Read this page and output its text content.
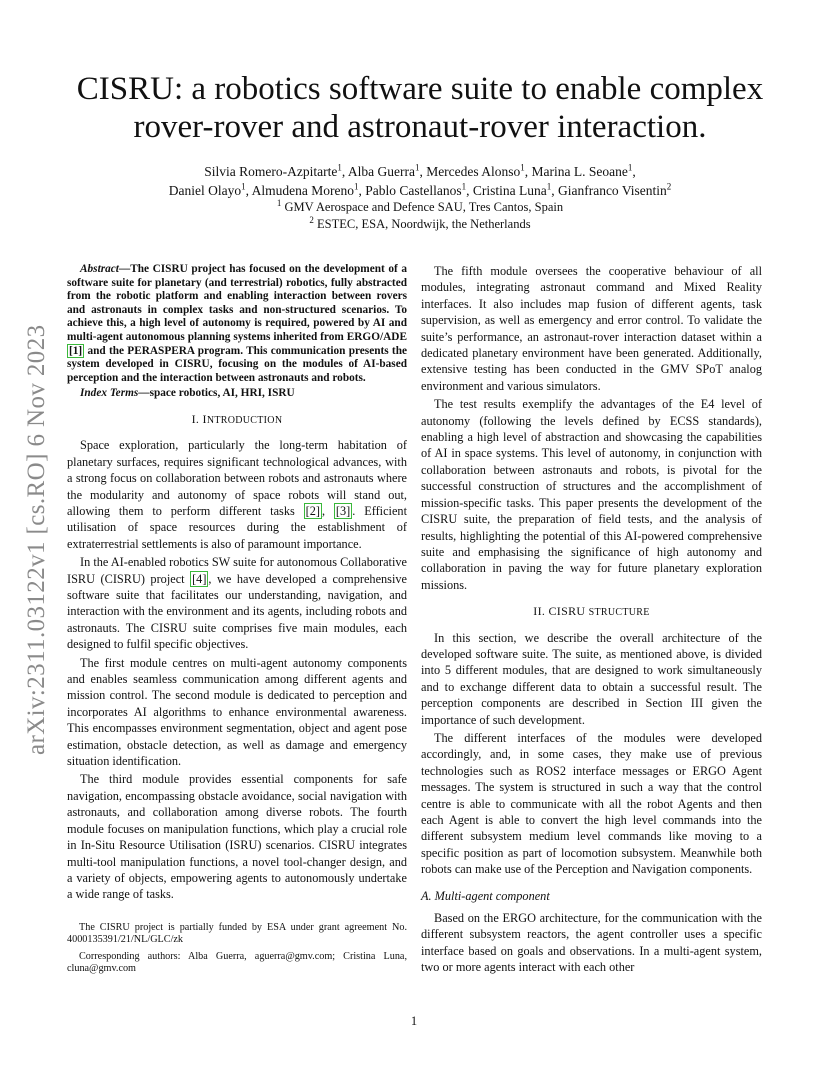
arXiv:2311.03122v1 [cs.RO] 6 Nov 2023
CISRU: a robotics software suite to enable complex rover-rover and astronaut-rover interaction.
Silvia Romero-Azpitarte$^1$, Alba Guerra$^1$, Mercedes Alonso$^1$, Marina L. Seoane$^1$,
Daniel Olayo$^1$, Almudena Moreno$^1$, Pablo Castellanos$^1$, Cristina Luna$^1$, Gianfranco Visentin$^2$
$^1$ GMV Aerospace and Defence SAU, Tres Cantos, Spain
$^2$ ESTEC, ESA, Noordwijk, the Netherlands

Abstract—The CISRU project has focused on the development of a software suite for planetary (and terrestrial) robotics, fully abstracted from the robotic platform and enabling interaction between rovers and astronauts in complex tasks and non-structured scenarios. To achieve this, a high level of autonomy is required, powered by AI and multi-agent autonomous planning systems inherited from ERGO/ADE [1] and the PERASPERA program. This communication presents the system developed in CISRU, focusing on the modules of AI-based perception and the interaction between astronauts and robots.

Index Terms—space robotics, AI, HRI, ISRU

I. INTRODUCTION

Space exploration, particularly the long-term habitation of planetary surfaces, requires significant technological advances, with a strong focus on collaboration between robots and astronauts where the modularity and autonomy of space robots will stand out, allowing them to perform different tasks [2] , [3] . Efficient utilisation of space resources during the establishment of extraterrestrial settlements is also of paramount importance.

In the AI-enabled robotics SW suite for autonomous Collaborative ISRU (CISRU) project [4] , we have developed a comprehensive software suite that facilitates our understanding, navigation, and interaction with the environment and its agents, including robots and astronauts. The CISRU suite comprises five main modules, each designed to fulfil specific objectives.

The first module centres on multi-agent autonomy components and enables seamless communication among different agents and mission control. The second module is dedicated to perception and incorporates AI algorithms to enhance environmental awareness. This encompasses environment segmentation, object and agent pose estimation, obstacle detection, as well as damage and emergency situation identification.

The third module provides essential components for safe navigation, encompassing obstacle avoidance, social navigation with astronauts, and collaboration among diverse robots. The fourth module focuses on manipulation functions, which play a crucial role in In-Situ Resource Utilisation (ISRU) scenarios. CISRU integrates multi-tool manipulation functions, a novel tool-changer design, and a variety of objects, empowering agents to autonomously undertake a wide range of tasks.

The CISRU project is partially funded by ESA under grant agreement No. 4000135391/21/NL/GLC/zk

Corresponding authors: Alba Guerra, aguerra@gmv.com; Cristina Luna, cluna@gmv.com

The fifth module oversees the cooperative behaviour of all modules, integrating astronaut command and Mixed Reality interfaces. It also includes map fusion of different agents, task supervision, as well as emergency and error control. To validate the suite’s performance, an astronaut-rover interaction dataset within a dedicated planetary environment have been generated. Additionally, extensive testing has been conducted in the GMV SPoT analog environment and various simulators.

The test results exemplify the advantages of the E4 level of autonomy (following the levels defined by ECSS standards), enabling a high level of abstraction and showcasing the capabilities of AI in space systems. This level of autonomy, in conjunction with collaboration between astronauts and robots, is pivotal for the successful construction of structures and the accomplishment of mission-specific tasks. This paper presents the development of the CISRU suite, the preparation of field tests, and the analysis of results, highlighting the potential of this AI-powered comprehensive suite and emphasising the significance of high autonomy and collaboration in paving the way for future planetary exploration missions.

II. CISRU STRUCTURE

In this section, we describe the overall architecture of the developed software suite. The suite, as mentioned above, is divided into 5 different modules, that are designed to work simultaneously and to exchange different data to obtain a successful result. The perception components are described in Section III given the importance of such development.

The different interfaces of the modules were developed accordingly, and, in some cases, they make use of previous technologies such as ROS2 interface messages or ERGO Agent messages. The system is structured in such a way that the control centre is able to communicate with all the robot Agents and then each Agent is able to convert the high level commands into the different subsystem medium level commands like moving to a specific position as part of locomotion subsystem. Meanwhile both robots can make use of the Perception and Navigation components.

A. Multi-agent component

Based on the ERGO architecture, for the communication with the different subsystem reactors, the agent controller uses a specific interface based on goals and observations. In a multi-agent system, two or more agents interact with each other

1
